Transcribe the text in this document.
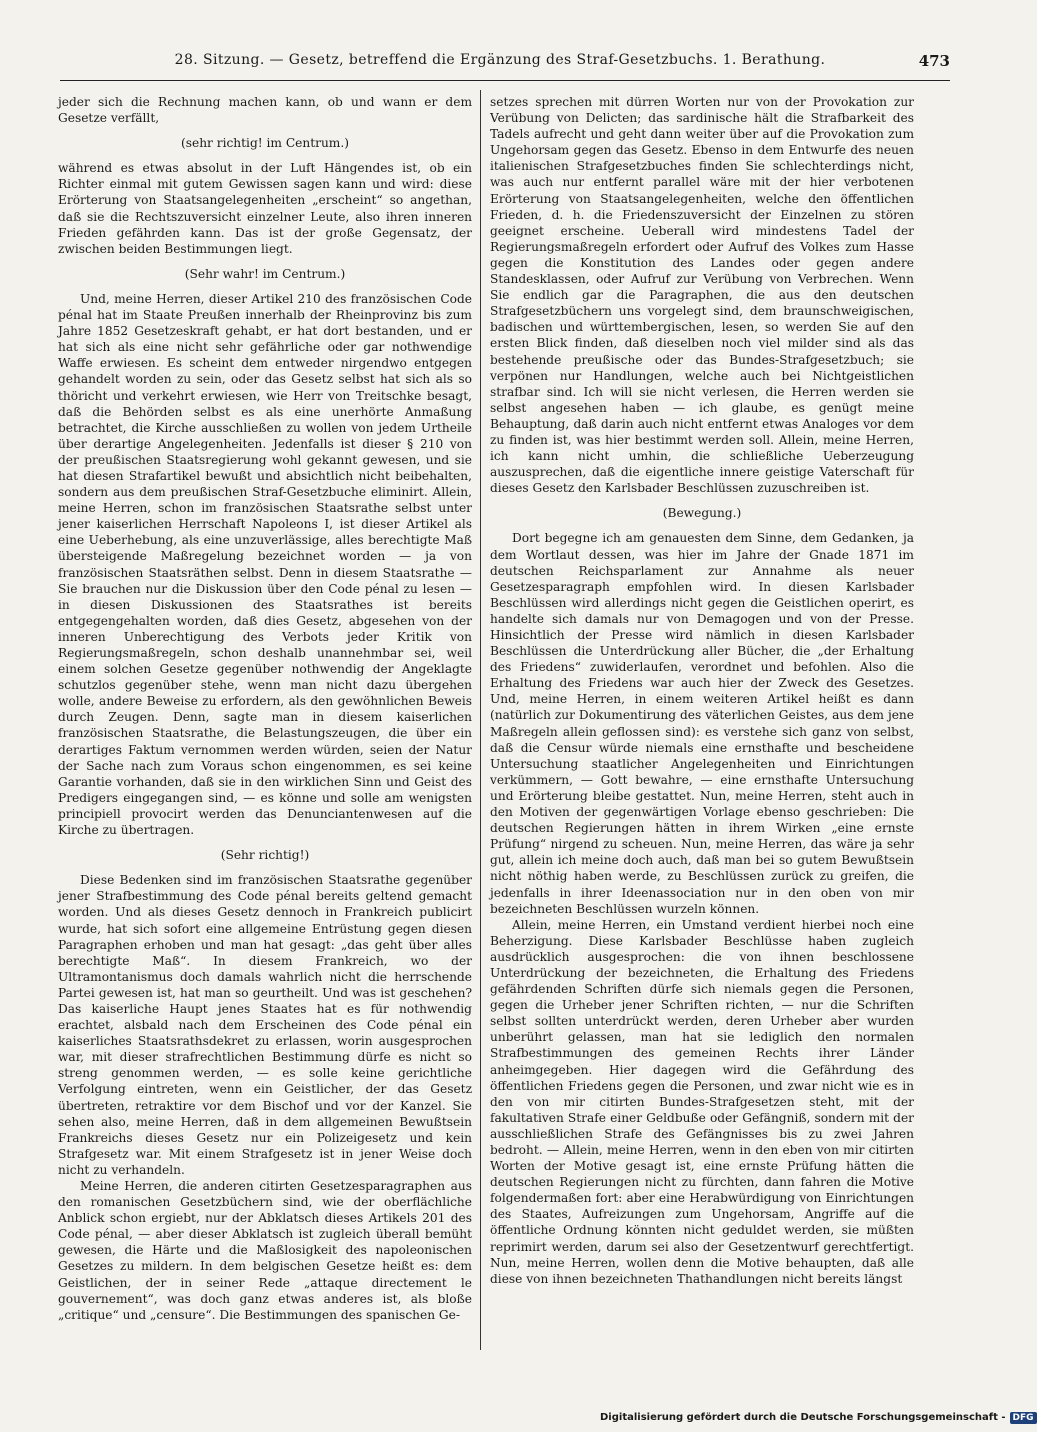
28. Sitzung. — Gesetz, betreffend die Ergänzung des Straf-Gesetzbuchs. 1. Berathung.	473

jeder sich die Rechnung machen kann, ob und wann er dem Gesetze verfällt,

(sehr richtig! im Centrum.)

während es etwas absolut in der Luft Hängendes ist, ob ein Richter einmal mit gutem Gewissen sagen kann und wird: diese Erörterung von Staatsangelegenheiten „erscheint“ so angethan, daß sie die Rechtszuversicht einzelner Leute, also ihren inneren Frieden gefährden kann. Das ist der große Gegensatz, der zwischen beiden Bestimmungen liegt.

(Sehr wahr! im Centrum.)

Und, meine Herren, dieser Artikel 210 des französischen Code pénal hat im Staate Preußen innerhalb der Rheinprovinz bis zum Jahre 1852 Gesetzeskraft gehabt, er hat dort bestanden, und er hat sich als eine nicht sehr gefährliche oder gar nothwendige Waffe erwiesen. Es scheint dem entweder nirgendwo entgegen gehandelt worden zu sein, oder das Gesetz selbst hat sich als so thöricht und verkehrt erwiesen, wie Herr von Treitschke besagt, daß die Behörden selbst es als eine unerhörte Anmaßung betrachtet, die Kirche ausschließen zu wollen von jedem Urtheile über derartige Angelegenheiten. Jedenfalls ist dieser § 210 von der preußischen Staatsregierung wohl gekannt gewesen, und sie hat diesen Strafartikel bewußt und absichtlich nicht beibehalten, sondern aus dem preußischen Straf-Gesetzbuche eliminirt. Allein, meine Herren, schon im französischen Staatsrathe selbst unter jener kaiserlichen Herrschaft Napoleons I, ist dieser Artikel als eine Ueberhebung, als eine unzuverlässige, alles berechtigte Maß übersteigende Maßregelung bezeichnet worden — ja von französischen Staatsräthen selbst. Denn in diesem Staatsrathe — Sie brauchen nur die Diskussion über den Code pénal zu lesen — in diesen Diskussionen des Staatsrathes ist bereits entgegengehalten worden, daß dies Gesetz, abgesehen von der inneren Unberechtigung des Verbots jeder Kritik von Regierungsmaßregeln, schon deshalb unannehmbar sei, weil einem solchen Gesetze gegenüber nothwendig der Angeklagte schutzlos gegenüber stehe, wenn man nicht dazu übergehen wolle, andere Beweise zu erfordern, als den gewöhnlichen Beweis durch Zeugen. Denn, sagte man in diesem kaiserlichen französischen Staatsrathe, die Belastungszeugen, die über ein derartiges Faktum vernommen werden würden, seien der Natur der Sache nach zum Voraus schon eingenommen, es sei keine Garantie vorhanden, daß sie in den wirklichen Sinn und Geist des Predigers eingegangen sind, — es könne und solle am wenigsten principiell provocirt werden das Denunciantenwesen auf die Kirche zu übertragen.

(Sehr richtig!)

Diese Bedenken sind im französischen Staatsrathe gegenüber jener Strafbestimmung des Code pénal bereits geltend gemacht worden. Und als dieses Gesetz dennoch in Frankreich publicirt wurde, hat sich sofort eine allgemeine Entrüstung gegen diesen Paragraphen erhoben und man hat gesagt: „das geht über alles berechtigte Maß“. In diesem Frankreich, wo der Ultramontanismus doch damals wahrlich nicht die herrschende Partei gewesen ist, hat man so geurtheilt. Und was ist geschehen? Das kaiserliche Haupt jenes Staates hat es für nothwendig erachtet, alsbald nach dem Erscheinen des Code pénal ein kaiserliches Staatsrathsdekret zu erlassen, worin ausgesprochen war, mit dieser strafrechtlichen Bestimmung dürfe es nicht so streng genommen werden, — es solle keine gerichtliche Verfolgung eintreten, wenn ein Geistlicher, der das Gesetz übertreten, retraktire vor dem Bischof und vor der Kanzel. Sie sehen also, meine Herren, daß in dem allgemeinen Bewußtsein Frankreichs dieses Gesetz nur ein Polizeigesetz und kein Strafgesetz war. Mit einem Strafgesetz ist in jener Weise doch nicht zu verhandeln.

Meine Herren, die anderen citirten Gesetzesparagraphen aus den romanischen Gesetzbüchern sind, wie der oberflächliche Anblick schon ergiebt, nur der Abklatsch dieses Artikels 201 des Code pénal, — aber dieser Abklatsch ist zugleich überall bemüht gewesen, die Härte und die Maßlosigkeit des napoleonischen Gesetzes zu mildern. In dem belgischen Gesetze heißt es: dem Geistlichen, der in seiner Rede „attaque directement le gouvernement“, was doch ganz etwas anderes ist, als bloße „critique“ und „censure“. Die Bestimmungen des spanischen Ge-

setzes sprechen mit dürren Worten nur von der Provokation zur Verübung von Delicten; das sardinische hält die Strafbarkeit des Tadels aufrecht und geht dann weiter über auf die Provokation zum Ungehorsam gegen das Gesetz. Ebenso in dem Entwurfe des neuen italienischen Strafgesetzbuches finden Sie schlechterdings nicht, was auch nur entfernt parallel wäre mit der hier verbotenen Erörterung von Staatsangelegenheiten, welche den öffentlichen Frieden, d. h. die Friedenszuversicht der Einzelnen zu stören geeignet erscheine. Ueberall wird mindestens Tadel der Regierungsmaßregeln erfordert oder Aufruf des Volkes zum Hasse gegen die Konstitution des Landes oder gegen andere Standesklassen, oder Aufruf zur Verübung von Verbrechen. Wenn Sie endlich gar die Paragraphen, die aus den deutschen Strafgesetzbüchern uns vorgelegt sind, dem braunschweigischen, badischen und württembergischen, lesen, so werden Sie auf den ersten Blick finden, daß dieselben noch viel milder sind als das bestehende preußische oder das Bundes-Strafgesetzbuch; sie verpönen nur Handlungen, welche auch bei Nichtgeistlichen strafbar sind. Ich will sie nicht verlesen, die Herren werden sie selbst angesehen haben — ich glaube, es genügt meine Behauptung, daß darin auch nicht entfernt etwas Analoges vor dem zu finden ist, was hier bestimmt werden soll. Allein, meine Herren, ich kann nicht umhin, die schließliche Ueberzeugung auszusprechen, daß die eigentliche innere geistige Vaterschaft für dieses Gesetz den Karlsbader Beschlüssen zuzuschreiben ist.

(Bewegung.)

Dort begegne ich am genauesten dem Sinne, dem Gedanken, ja dem Wortlaut dessen, was hier im Jahre der Gnade 1871 im deutschen Reichsparlament zur Annahme als neuer Gesetzesparagraph empfohlen wird. In diesen Karlsbader Beschlüssen wird allerdings nicht gegen die Geistlichen operirt, es handelte sich damals nur von Demagogen und von der Presse. Hinsichtlich der Presse wird nämlich in diesen Karlsbader Beschlüssen die Unterdrückung aller Bücher, die „der Erhaltung des Friedens“ zuwiderlaufen, verordnet und befohlen. Also die Erhaltung des Friedens war auch hier der Zweck des Gesetzes. Und, meine Herren, in einem weiteren Artikel heißt es dann (natürlich zur Dokumentirung des väterlichen Geistes, aus dem jene Maßregeln allein geflossen sind): es verstehe sich ganz von selbst, daß die Censur würde niemals eine ernsthafte und bescheidene Untersuchung staatlicher Angelegenheiten und Einrichtungen verkümmern, — Gott bewahre, — eine ernsthafte Untersuchung und Erörterung bleibe gestattet. Nun, meine Herren, steht auch in den Motiven der gegenwärtigen Vorlage ebenso geschrieben: Die deutschen Regierungen hätten in ihrem Wirken „eine ernste Prüfung“ nirgend zu scheuen. Nun, meine Herren, das wäre ja sehr gut, allein ich meine doch auch, daß man bei so gutem Bewußtsein nicht nöthig haben werde, zu Beschlüssen zurück zu greifen, die jedenfalls in ihrer Ideenassociation nur in den oben von mir bezeichneten Beschlüssen wurzeln können.

Allein, meine Herren, ein Umstand verdient hierbei noch eine Beherzigung. Diese Karlsbader Beschlüsse haben zugleich ausdrücklich ausgesprochen: die von ihnen beschlossene Unterdrückung der bezeichneten, die Erhaltung des Friedens gefährdenden Schriften dürfe sich niemals gegen die Personen, gegen die Urheber jener Schriften richten, — nur die Schriften selbst sollten unterdrückt werden, deren Urheber aber wurden unberührt gelassen, man hat sie lediglich den normalen Strafbestimmungen des gemeinen Rechts ihrer Länder anheimgegeben. Hier dagegen wird die Gefährdung des öffentlichen Friedens gegen die Personen, und zwar nicht wie es in den von mir citirten Bundes-Strafgesetzen steht, mit der fakultativen Strafe einer Geldbuße oder Gefängniß, sondern mit der ausschließlichen Strafe des Gefängnisses bis zu zwei Jahren bedroht. — Allein, meine Herren, wenn in den eben von mir citirten Worten der Motive gesagt ist, eine ernste Prüfung hätten die deutschen Regierungen nicht zu fürchten, dann fahren die Motive folgendermaßen fort: aber eine Herabwürdigung von Einrichtungen des Staates, Aufreizungen zum Ungehorsam, Angriffe auf die öffentliche Ordnung könnten nicht geduldet werden, sie müßten reprimirt werden, darum sei also der Gesetzentwurf gerechtfertigt. Nun, meine Herren, wollen denn die Motive behaupten, daß alle diese von ihnen bezeichneten Thathandlungen nicht bereits längst

Digitalisierung gefördert durch die Deutsche Forschungsgemeinschaft - DFG
